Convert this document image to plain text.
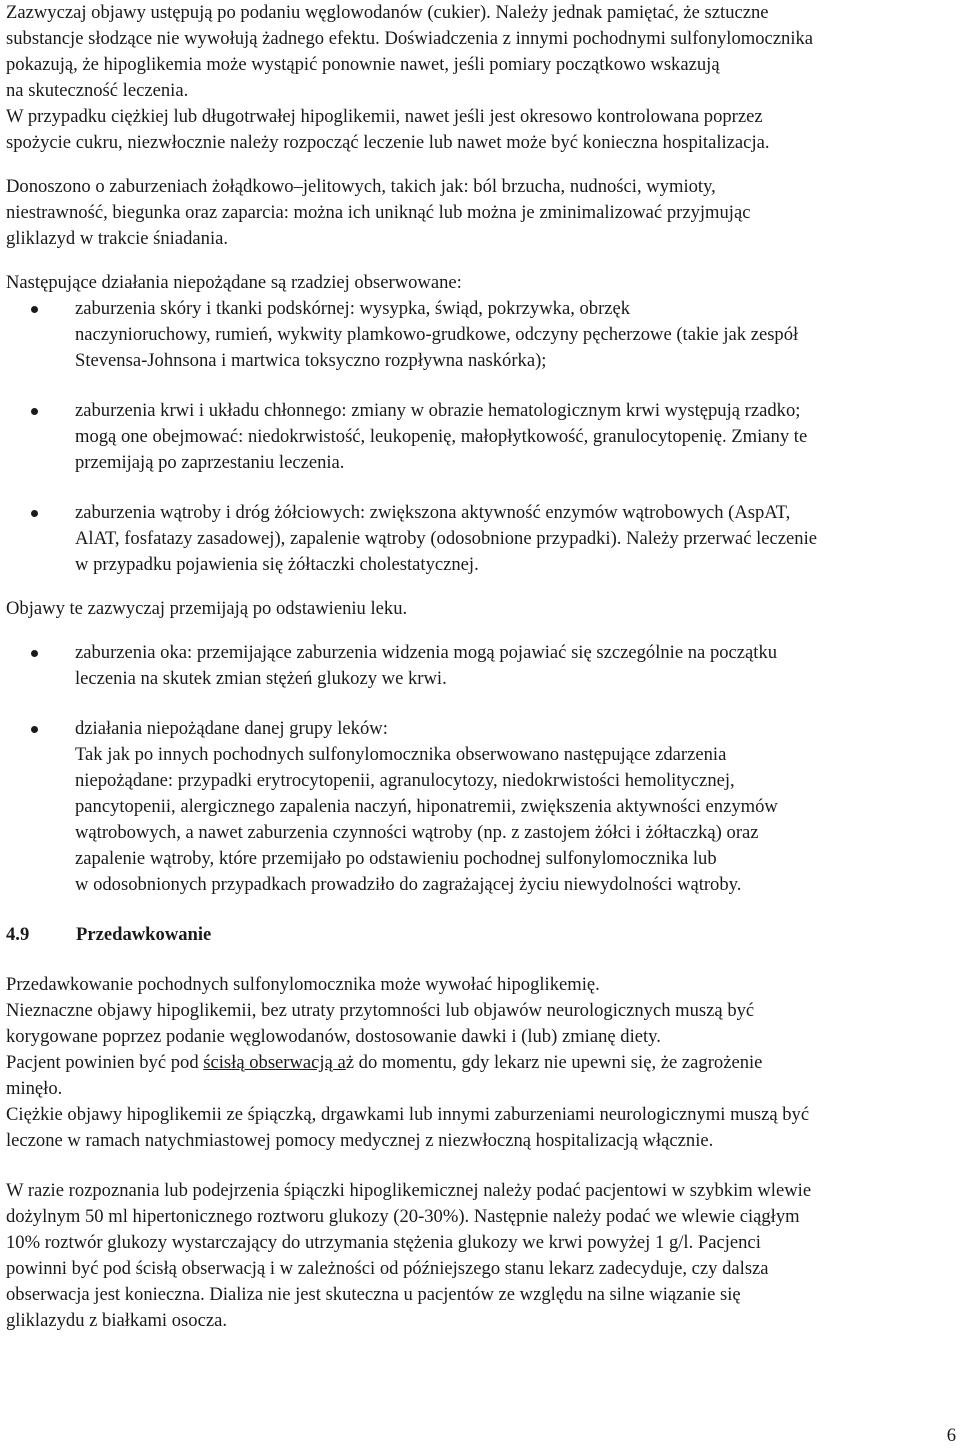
Zazwyczaj objawy ustępują po podaniu węglowodanów (cukier). Należy jednak pamiętać, że sztuczne
substancje słodzące nie wywołują żadnego efektu. Doświadczenia z innymi pochodnymi sulfonylomocznika
pokazują, że hipoglikemia może wystąpić ponownie nawet, jeśli pomiary początkowo wskazują
na skuteczność leczenia.

W przypadku ciężkiej lub długotrwałej hipoglikemii, nawet jeśli jest okresowo kontrolowana poprzez
spożycie cukru, niezwłocznie należy rozpocząć leczenie lub nawet może być konieczna hospitalizacja.

Donoszono o zaburzeniach żołądkowo–jelitowych, takich jak: ból brzucha, nudności, wymioty,
niestrawność, biegunka oraz zaparcia: można ich uniknąć lub można je zminimalizować przyjmując
gliklazyd w trakcie śniadania.

Następujące działania niepożądane są rzadziej obserwowane:

zaburzenia skóry i tkanki podskórnej: wysypka, świąd, pokrzywka, obrzęk
naczynioruchowy, rumień, wykwity plamkowo-grudkowe, odczyny pęcherzowe (takie jak zespół
Stevensa-Johnsona i martwica toksyczno rozpływna naskórka);
zaburzenia krwi i układu chłonnego: zmiany w obrazie hematologicznym krwi występują rzadko;
mogą one obejmować: niedokrwistość, leukopenię, małopłytkowość, granulocytopenię. Zmiany te
przemijają po zaprzestaniu leczenia.
zaburzenia wątroby i dróg żółciowych: zwiększona aktywność enzymów wątrobowych (AspAT,
AlAT, fosfatazy zasadowej), zapalenie wątroby (odosobnione przypadki). Należy przerwać leczenie
w przypadku pojawienia się żółtaczki cholestatycznej.

Objawy te zazwyczaj przemijają po odstawieniu leku.

zaburzenia oka: przemijające zaburzenia widzenia mogą pojawiać się szczególnie na początku
leczenia na skutek zmian stężeń glukozy we krwi.
działania niepożądane danej grupy leków:
Tak jak po innych pochodnych sulfonylomocznika obserwowano następujące zdarzenia
niepożądane: przypadki erytrocytopenii, agranulocytozy, niedokrwistości hemolitycznej,
pancytopenii, alergicznego zapalenia naczyń, hiponatremii, zwiększenia aktywności enzymów
wątrobowych, a nawet zaburzenia czynności wątroby (np. z zastojem żółci i żółtaczką) oraz
zapalenie wątroby, które przemijało po odstawieniu pochodnej sulfonylomocznika lub
w odosobnionych przypadkach prowadziło do zagrażającej życiu niewydolności wątroby.
4.9	Przedawkowanie

Przedawkowanie pochodnych sulfonylomocznika może wywołać hipoglikemię.
Nieznaczne objawy hipoglikemii, bez utraty przytomności lub objawów neurologicznych muszą być
korygowane poprzez podanie węglowodanów, dostosowanie dawki i (lub) zmianę diety.
Pacjent powinien być pod ścisłą obserwacją aż do momentu, gdy lekarz nie upewni się, że zagrożenie
minęło.
Ciężkie objawy hipoglikemii ze śpiączką, drgawkami lub innymi zaburzeniami neurologicznymi muszą być
leczone w ramach natychmiastowej pomocy medycznej z niezwłoczną hospitalizacją włącznie.

W razie rozpoznania lub podejrzenia śpiączki hipoglikemicznej należy podać pacjentowi w szybkim wlewie
dożylnym 50 ml hipertonicznego roztworu glukozy (20-30%). Następnie należy podać we wlewie ciągłym
10% roztwór glukozy wystarczający do utrzymania stężenia glukozy we krwi powyżej 1 g/l. Pacjenci
powinni być pod ścisłą obserwacją i w zależności od późniejszego stanu lekarz zadecyduje, czy dalsza
obserwacja jest konieczna. Dializa nie jest skuteczna u pacjentów ze względu na silne wiązanie się
gliklazydu z białkami osocza.

6
